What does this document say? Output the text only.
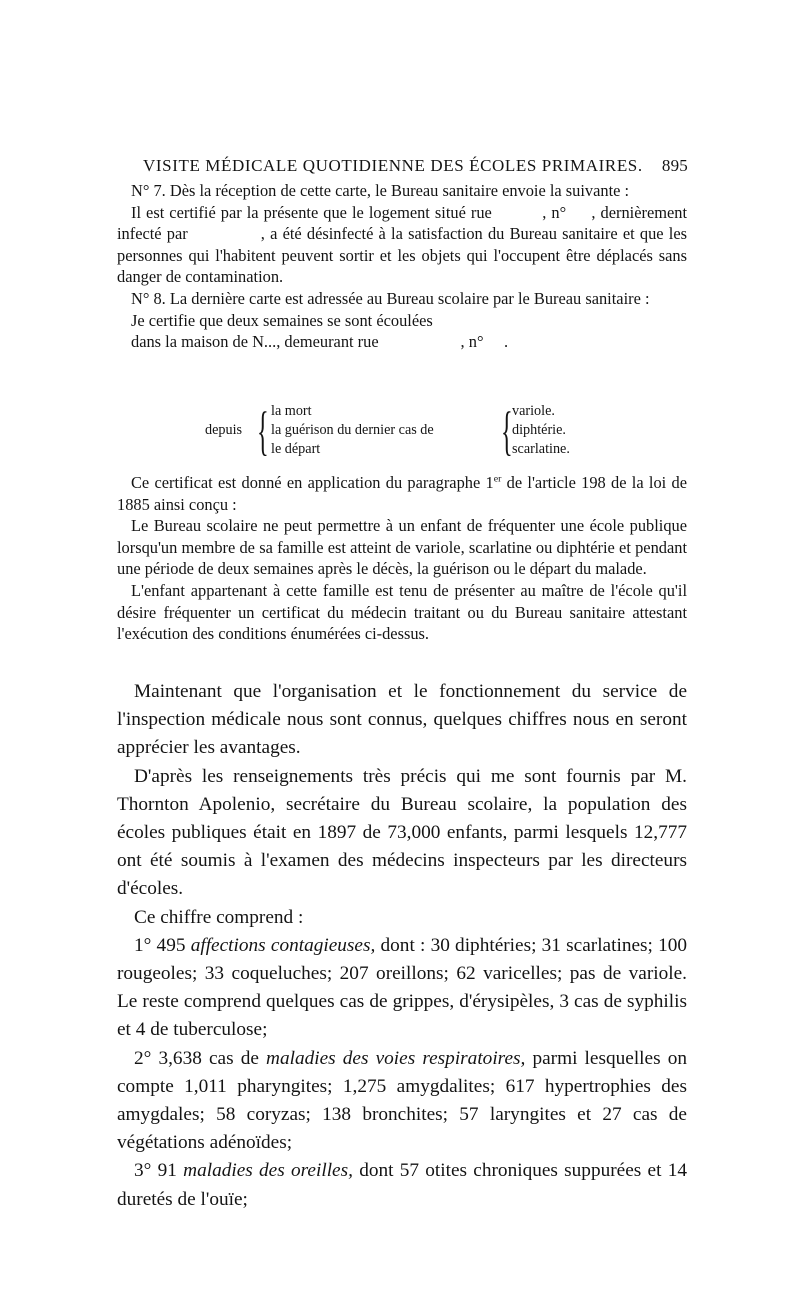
VISITE MÉDICALE QUOTIDIENNE DES ÉCOLES PRIMAIRES. 895

N° 7. Dès la réception de cette carte, le Bureau sanitaire envoie la suivante :

Il est certifié par la présente que le logement situé rue          , n°     , dernièrement infecté par              , a été désinfecté à la satisfaction du Bureau sanitaire et que les personnes qui l'habitent peuvent sortir et les objets qui l'occupent être déplacés sans danger de contamination.

N° 8. La dernière carte est adressée au Bureau scolaire par le Bureau sanitaire :

Je certifie que deux semaines se sont écoulées

dans la maison de N..., demeurant rue                    , n°     .

depuis { la mort
la guérison du dernier cas de
le départ	{ variole.
diphtérie.
scarlatine.

Ce certificat est donné en application du paragraphe 1er de l'article 198 de la loi de 1885 ainsi conçu :

Le Bureau scolaire ne peut permettre à un enfant de fréquenter une école publique lorsqu'un membre de sa famille est atteint de variole, scarlatine ou diphtérie et pendant une période de deux semaines après le décès, la guérison ou le départ du malade.

L'enfant appartenant à cette famille est tenu de présenter au maître de l'école qu'il désire fréquenter un certificat du médecin traitant ou du Bureau sanitaire attestant l'exécution des conditions énumérées ci-dessus.

Maintenant que l'organisation et le fonctionnement du service de l'inspection médicale nous sont connus, quelques chiffres nous en seront apprécier les avantages.

D'après les renseignements très précis qui me sont fournis par M. Thornton Apolenio, secrétaire du Bureau scolaire, la population des écoles publiques était en 1897 de 73,000 enfants, parmi lesquels 12,777 ont été soumis à l'examen des médecins inspecteurs par les directeurs d'écoles.

Ce chiffre comprend :

1° 495 affections contagieuses, dont : 30 diphtéries; 31 scarlatines; 100 rougeoles; 33 coqueluches; 207 oreillons; 62 varicelles; pas de variole. Le reste comprend quelques cas de grippes, d'érysipèles, 3 cas de syphilis et 4 de tuberculose;

2° 3,638 cas de maladies des voies respiratoires, parmi lesquelles on compte 1,011 pharyngites; 1,275 amygdalites; 617 hypertrophies des amygdales; 58 coryzas; 138 bronchites; 57 laryngites et 27 cas de végétations adénoïdes;

3° 91 maladies des oreilles, dont 57 otites chroniques suppurées et 14 duretés de l'ouïe;
